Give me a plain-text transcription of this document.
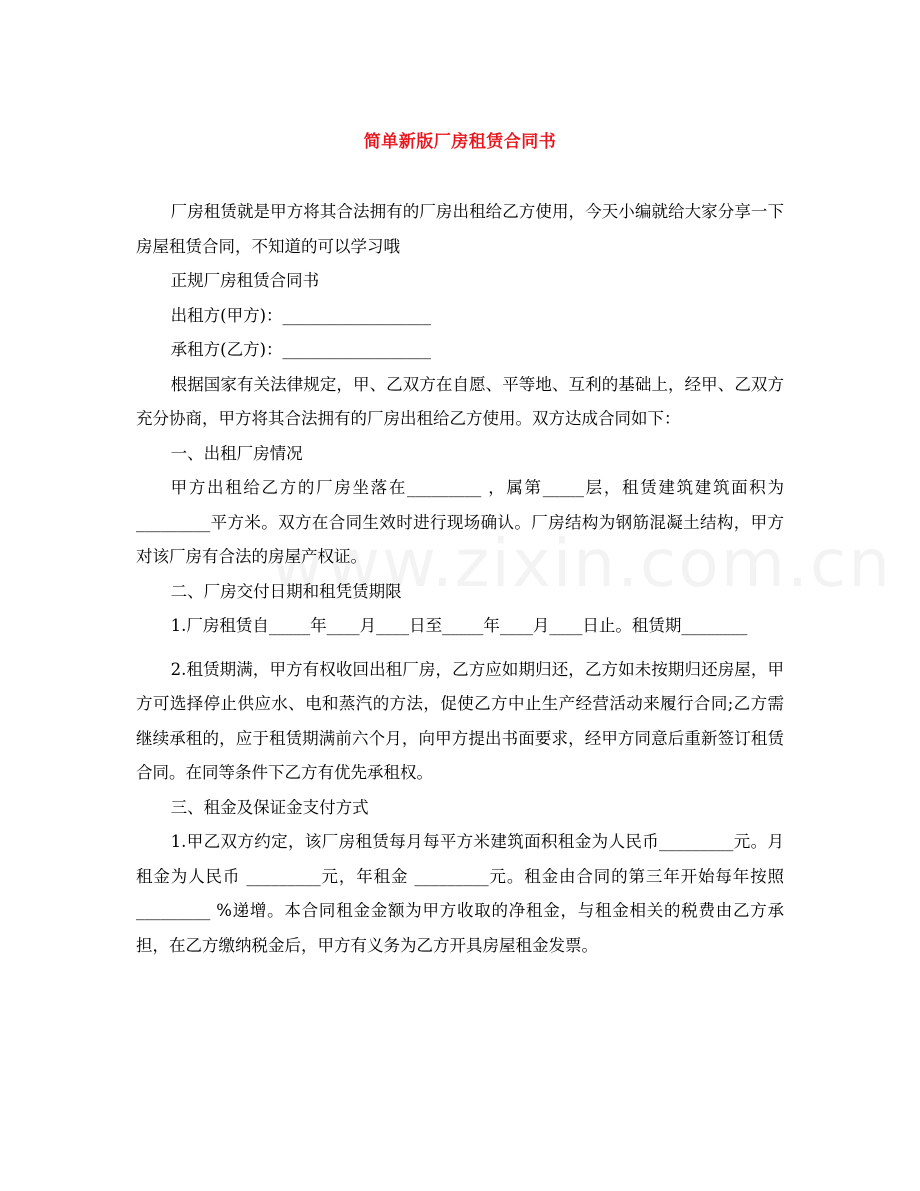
简单新版厂房租赁合同书

厂房租赁就是甲方将其合法拥有的厂房出租给乙方使用，今天小编就给大家分享一下房屋租赁合同，不知道的可以学习哦

正规厂房租赁合同书

出租方(甲方)：__________________

承租方(乙方)：__________________

根据国家有关法律规定，甲、乙双方在自愿、平等地、互利的基础上，经甲、乙双方充分协商，甲方将其合法拥有的厂房出租给乙方使用。双方达成合同如下：

一、出租厂房情况

甲方出租给乙方的厂房坐落在_________ ，属第_____层，租赁建筑建筑面积为_________平方米。双方在合同生效时进行现场确认。厂房结构为钢筋混凝土结构，甲方对该厂房有合法的房屋产权证。

二、厂房交付日期和租凭赁期限

1.厂房租赁自_____年____月____日至_____年____月____日止。租赁期________

2.租赁期满，甲方有权收回出租厂房，乙方应如期归还，乙方如未按期归还房屋，甲方可选择停止供应水、电和蒸汽的方法，促使乙方中止生产经营活动来履行合同;乙方需继续承租的，应于租赁期满前六个月，向甲方提出书面要求，经甲方同意后重新签订租赁合同。在同等条件下乙方有优先承租权。

三、租金及保证金支付方式

1.甲乙双方约定，该厂房租赁每月每平方米建筑面积租金为人民币_________元。月租金为人民币 _________元，年租金 _________元。租金由合同的第三年开始每年按照_________ %递增。本合同租金金额为甲方收取的净租金，与租金相关的税费由乙方承担，在乙方缴纳税金后，甲方有义务为乙方开具房屋租金发票。
